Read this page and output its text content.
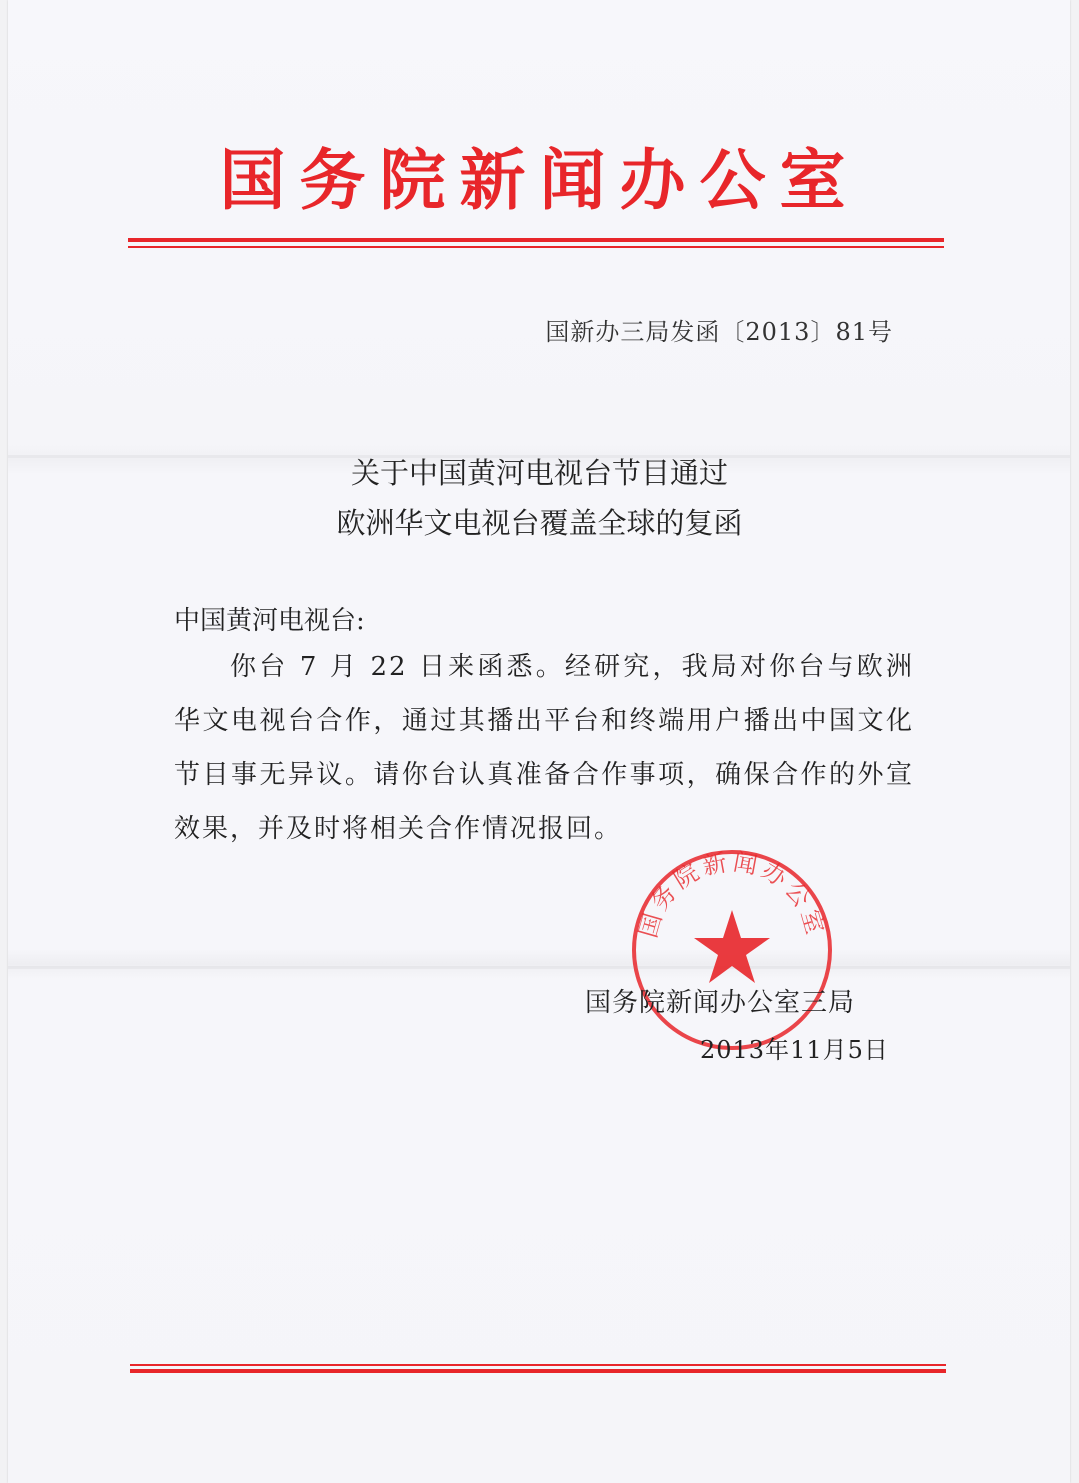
国务院新闻办公室
国新办三局发函〔2013〕81号
关于中国黄河电视台节目通过
欧洲华文电视台覆盖全球的复函
中国黄河电视台:
你台 7 月 22 日来函悉。经研究，我局对你台与欧洲华文电视台合作，通过其播出平台和终端用户播出中国文化节目事无异议。请你台认真准备合作事项，确保合作的外宣效果，并及时将相关合作情况报回。
国务院新闻办公室
国务院新闻办公室三局
2013年11月5日
